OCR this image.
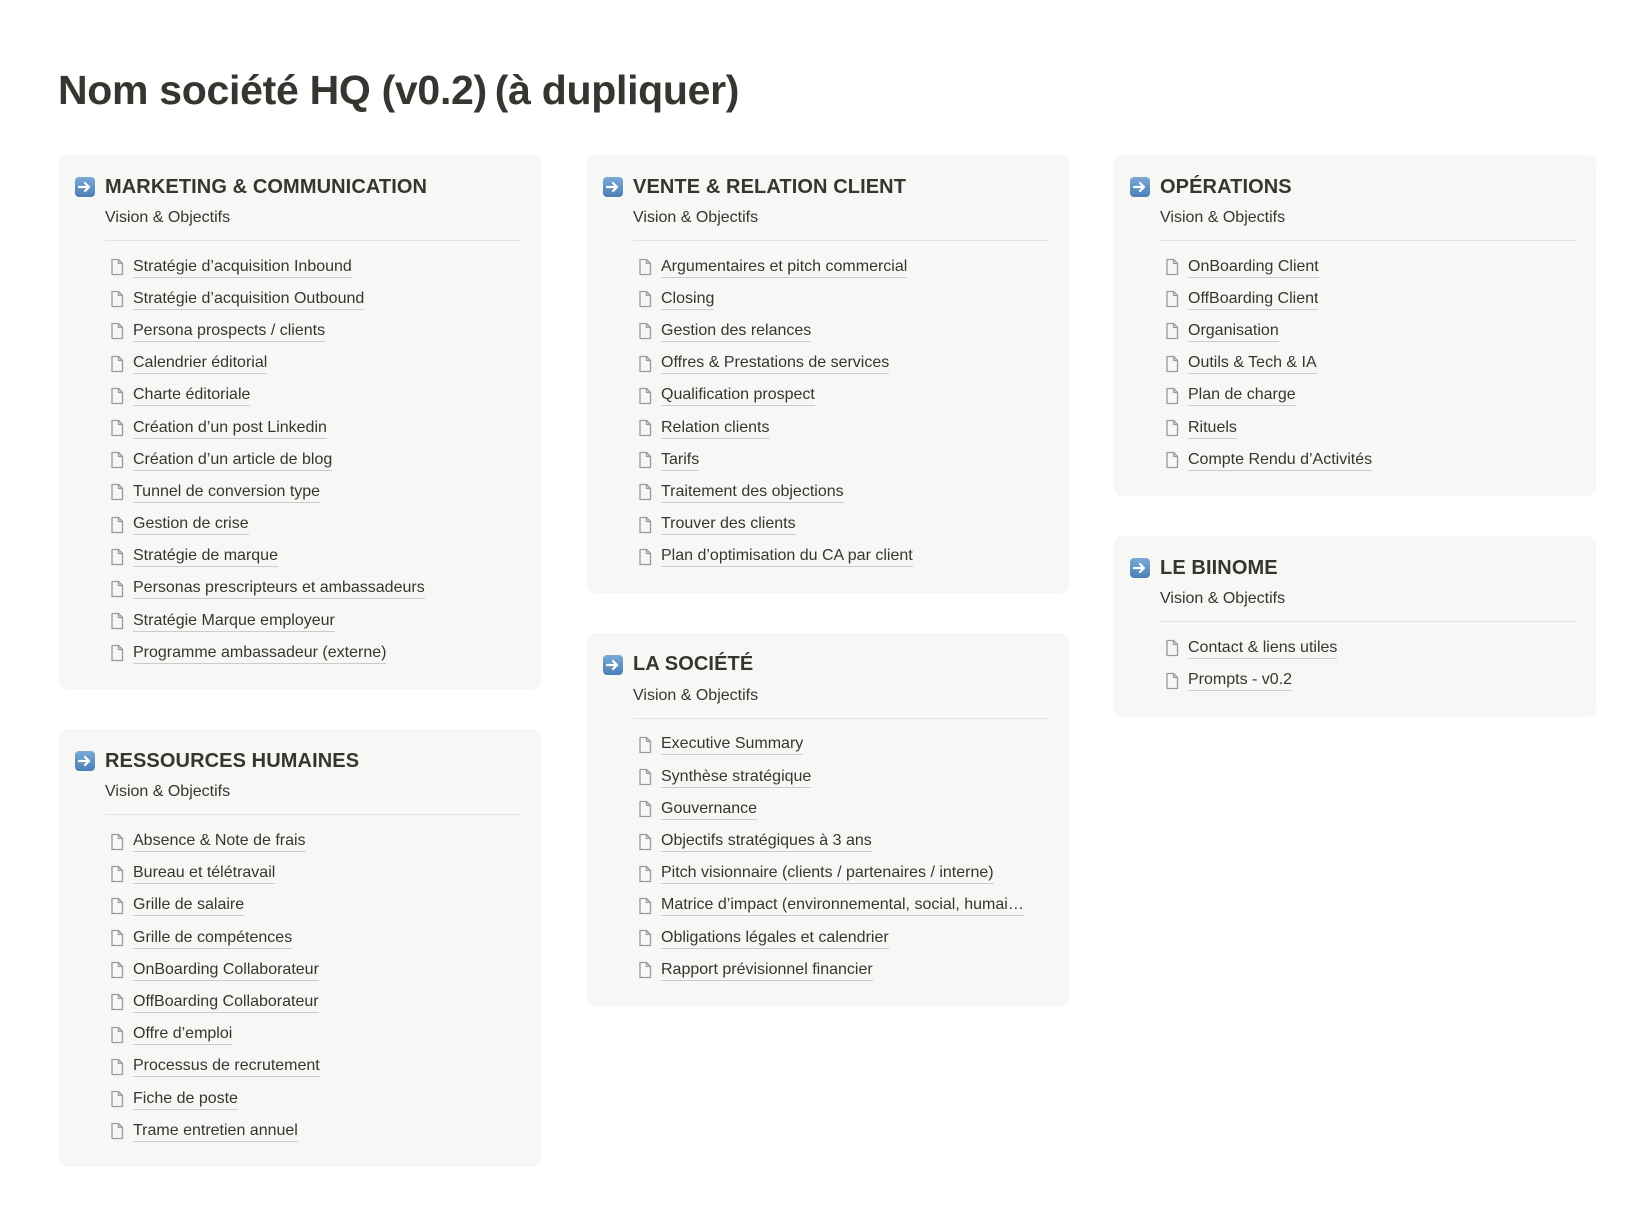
Nom société HQ (v0.2) (à dupliquer)
MARKETING & COMMUNICATION
Vision & Objectifs
Stratégie d’acquisition Inbound
Stratégie d’acquisition Outbound
Persona prospects / clients
Calendrier éditorial
Charte éditoriale
Création d’un post Linkedin
Création d’un article de blog
Tunnel de conversion type
Gestion de crise
Stratégie de marque
Personas prescripteurs et ambassadeurs
Stratégie Marque employeur
Programme ambassadeur (externe)
RESSOURCES HUMAINES
Vision & Objectifs
Absence & Note de frais
Bureau et télétravail
Grille de salaire
Grille de compétences
OnBoarding Collaborateur
OffBoarding Collaborateur
Offre d’emploi
Processus de recrutement
Fiche de poste
Trame entretien annuel
VENTE & RELATION CLIENT
Vision & Objectifs
Argumentaires et pitch commercial
Closing
Gestion des relances
Offres & Prestations de services
Qualification prospect
Relation clients
Tarifs
Traitement des objections
Trouver des clients
Plan d’optimisation du CA par client
LA SOCIÉTÉ
Vision & Objectifs
Executive Summary
Synthèse stratégique
Gouvernance
Objectifs stratégiques à 3 ans
Pitch visionnaire (clients / partenaires / interne)
Matrice d’impact (environnemental, social, humai…
Obligations légales et calendrier
Rapport prévisionnel financier
OPÉRATIONS
Vision & Objectifs
OnBoarding Client
OffBoarding Client
Organisation
Outils & Tech & IA
Plan de charge
Rituels
Compte Rendu d’Activités
LE BIINOME
Vision & Objectifs
Contact & liens utiles
Prompts - v0.2
